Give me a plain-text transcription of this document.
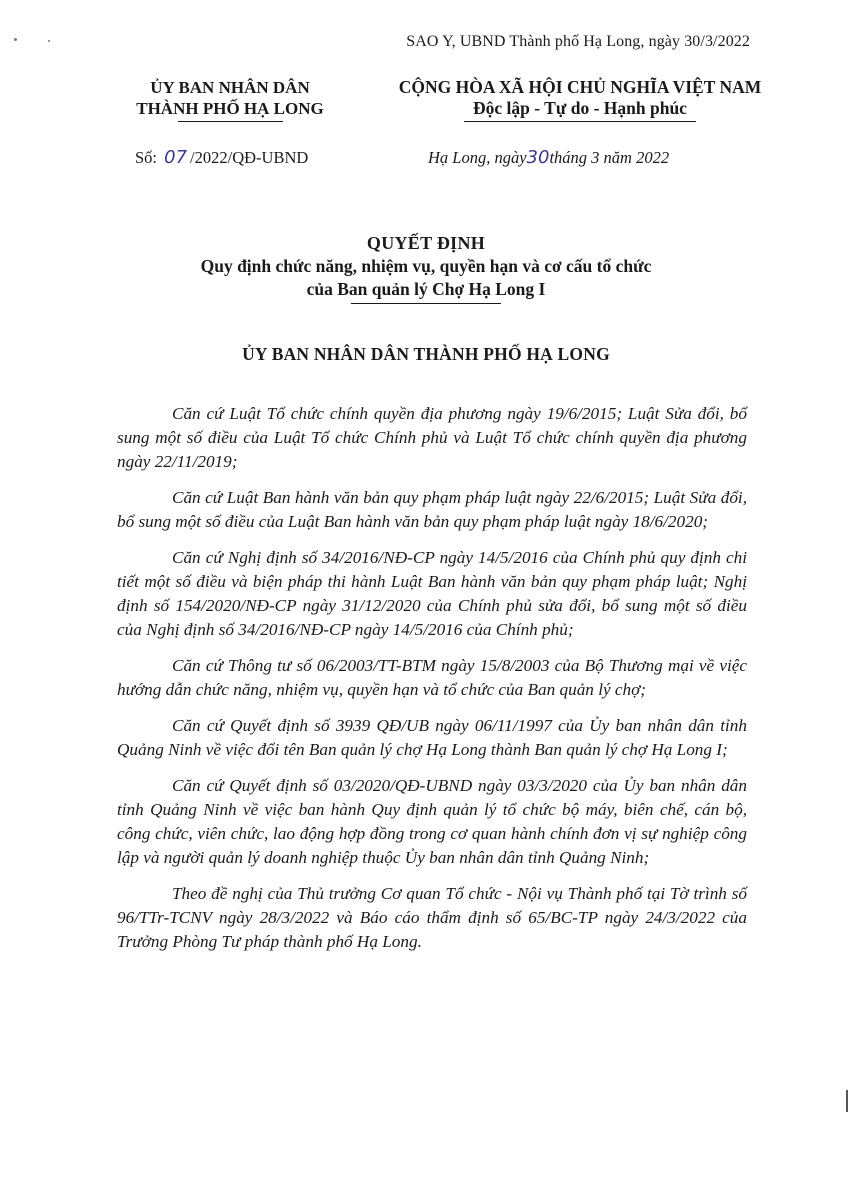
SAO Y, UBND Thành phố Hạ Long, ngày 30/3/2022
ỦY BAN NHÂN DÂN
THÀNH PHỐ HẠ LONG
CỘNG HÒA XÃ HỘI CHỦ NGHĨA VIỆT NAM
Độc lập - Tự do - Hạnh phúc
Số: 07 /2022/QĐ-UBND	Hạ Long, ngày30tháng 3 năm 2022
QUYẾT ĐỊNH
Quy định chức năng, nhiệm vụ, quyền hạn và cơ cấu tổ chức
của Ban quản lý Chợ Hạ Long I
ỦY BAN NHÂN DÂN THÀNH PHỐ HẠ LONG

Căn cứ Luật Tổ chức chính quyền địa phương ngày 19/6/2015; Luật Sửa đổi, bổ sung một số điều của Luật Tổ chức Chính phủ và Luật Tổ chức chính quyền địa phương ngày 22/11/2019;

Căn cứ Luật Ban hành văn bản quy phạm pháp luật ngày 22/6/2015; Luật Sửa đổi, bổ sung một số điều của Luật Ban hành văn bản quy phạm pháp luật ngày 18/6/2020;

Căn cứ Nghị định số 34/2016/NĐ-CP ngày 14/5/2016 của Chính phủ quy định chi tiết một số điều và biện pháp thi hành Luật Ban hành văn bản quy phạm pháp luật; Nghị định số 154/2020/NĐ-CP ngày 31/12/2020 của Chính phủ sửa đổi, bổ sung một số điều của Nghị định số 34/2016/NĐ-CP ngày 14/5/2016 của Chính phủ;

Căn cứ Thông tư số 06/2003/TT-BTM ngày 15/8/2003 của Bộ Thương mại về việc hướng dẫn chức năng, nhiệm vụ, quyền hạn và tổ chức của Ban quản lý chợ;

Căn cứ Quyết định số 3939 QĐ/UB ngày 06/11/1997 của Ủy ban nhân dân tỉnh Quảng Ninh về việc đổi tên Ban quản lý chợ Hạ Long thành Ban quản lý chợ Hạ Long I;

Căn cứ Quyết định số 03/2020/QĐ-UBND ngày 03/3/2020 của Ủy ban nhân dân tỉnh Quảng Ninh về việc ban hành Quy định quản lý tổ chức bộ máy, biên chế, cán bộ, công chức, viên chức, lao động hợp đồng trong cơ quan hành chính đơn vị sự nghiệp công lập và người quản lý doanh nghiệp thuộc Ủy ban nhân dân tỉnh Quảng Ninh;

Theo đề nghị của Thủ trưởng Cơ quan Tổ chức - Nội vụ Thành phố tại Tờ trình số 96/TTr-TCNV ngày 28/3/2022 và Báo cáo thẩm định số 65/BC-TP ngày 24/3/2022 của Trưởng Phòng Tư pháp thành phố Hạ Long.
